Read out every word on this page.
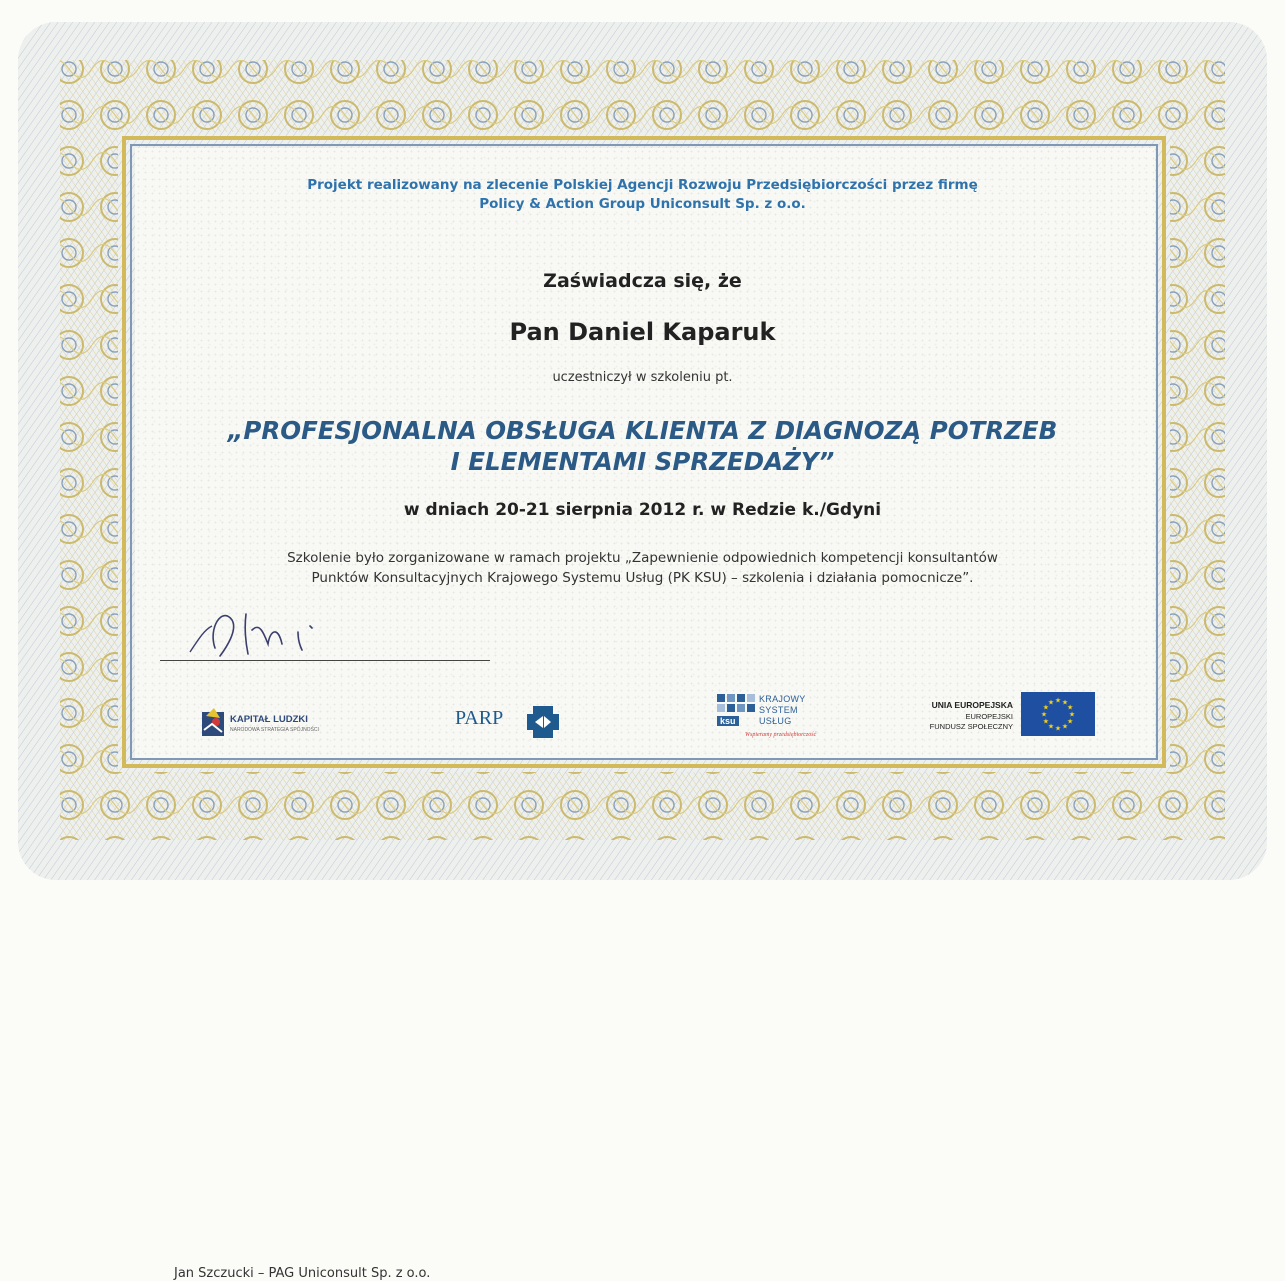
Projekt realizowany na zlecenie Polskiej Agencji Rozwoju Przedsiębiorczości przez firmę
Policy & Action Group Uniconsult Sp. z o.o.
Zaświadcza się, że
Pan Daniel Kaparuk
uczestniczył w szkoleniu pt.
„PROFESJONALNA OBSŁUGA KLIENTA Z DIAGNOZĄ POTRZEB
I ELEMENTAMI SPRZEDAŻY”
w dniach 20-21 sierpnia 2012 r. w Redzie k./Gdyni
Szkolenie było zorganizowane w ramach projektu „Zapewnienie odpowiednich kompetencji konsultantów
Punktów Konsultacyjnych Krajowego Systemu Usług (PK KSU) – szkolenia i działania pomocnicze”.
Jan Szczucki – PAG Uniconsult Sp. z o.o.
KAPITAŁ LUDZKI
NARODOWA STRATEGIA SPÓJNOŚCI
PARP
KRAJOWY
SYSTEM
USŁUG
ksu
Wspieramy przedsiębiorczość
UNIA EUROPEJSKA
EUROPEJSKI
FUNDUSZ SPOŁECZNY
★ ★
★
★
★
★
★
★
★
★
★
★
